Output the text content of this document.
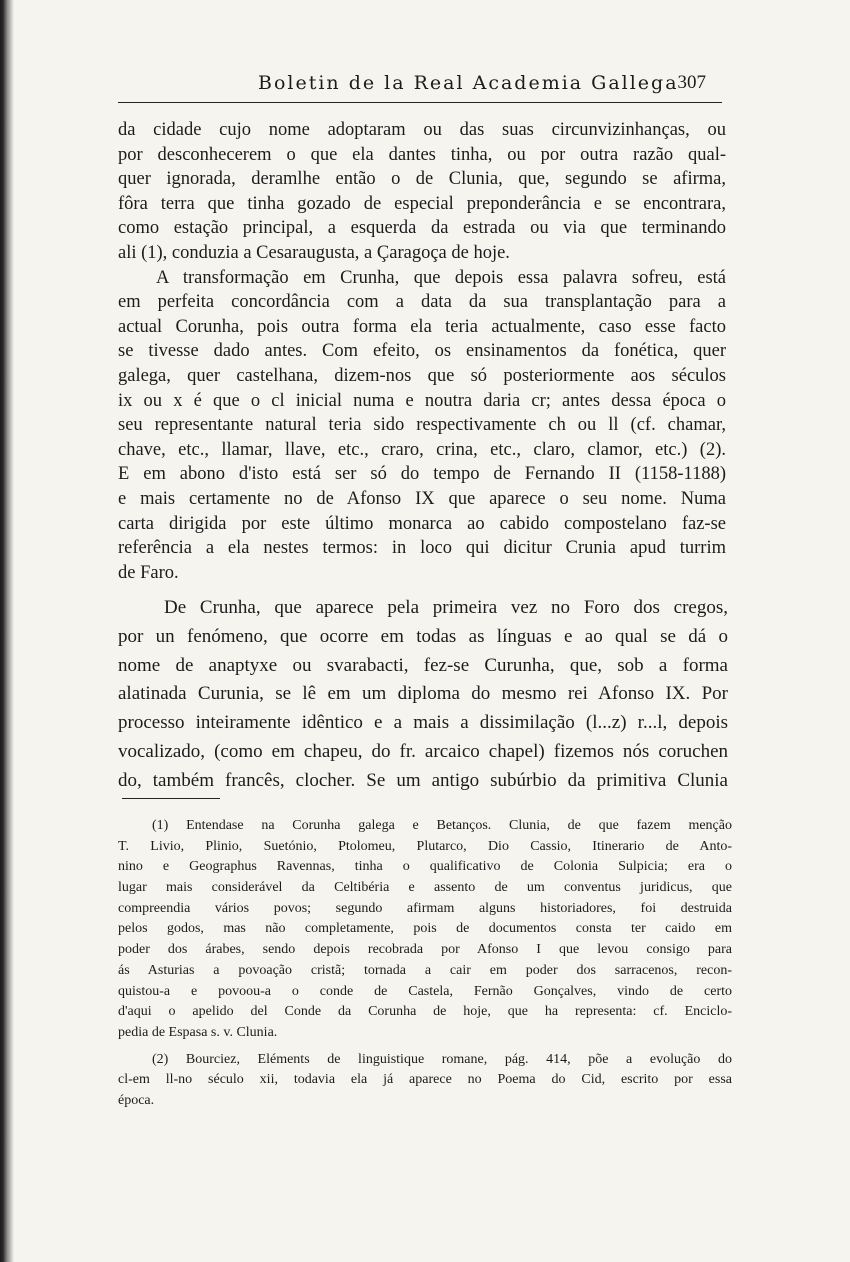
Boletin de la Real Academia Gallega
307
da cidade cujo nome adoptaram ou das suas circunvizinhanças, ou
por desconhecerem o que ela dantes tinha, ou por outra razão qual-
quer ignorada, deramlhe então o de Clunia, que, segundo se afirma,
fôra terra que tinha gozado de especial preponderância e se encontrara,
como estação principal, a esquerda da estrada ou via que terminando
ali (1), conduzia a Cesaraugusta, a Çaragoça de hoje.
A transformação em Crunha, que depois essa palavra sofreu, está
em perfeita concordância com a data da sua transplantação para a
actual Corunha, pois outra forma ela teria actualmente, caso esse facto
se tivesse dado antes. Com efeito, os ensinamentos da fonética, quer
galega, quer castelhana, dizem-nos que só posteriormente aos séculos
ix ou x é que o cl inicial numa e noutra daria cr; antes dessa época o
seu representante natural teria sido respectivamente ch ou ll (cf. chamar,
chave, etc., llamar, llave, etc., craro, crina, etc., claro, clamor, etc.) (2).
E em abono d'isto está ser só do tempo de Fernando II (1158-1188)
e mais certamente no de Afonso IX que aparece o seu nome. Numa
carta dirigida por este último monarca ao cabido compostelano faz-se
referência a ela nestes termos: in loco qui dicitur Crunia apud turrim
de Faro.
De Crunha, que aparece pela primeira vez no Foro dos cregos,
por un fenómeno, que ocorre em todas as línguas e ao qual se dá o
nome de anaptyxe ou svarabacti, fez-se Curunha, que, sob a forma
alatinada Curunia, se lê em um diploma do mesmo rei Afonso IX. Por
processo inteiramente idêntico e a mais a dissimilação (l...z) r...l, depois
vocalizado, (como em chapeu, do fr. arcaico chapel) fizemos nós coruchen
do, também francês, clocher. Se um antigo subúrbio da primitiva Clunia
(1) Entendase na Corunha galega e Betanços. Clunia, de que fazem menção
T. Livio, Plinio, Suetónio, Ptolomeu, Plutarco, Dio Cassio, Itinerario de Anto-
nino e Geographus Ravennas, tinha o qualificativo de Colonia Sulpicia; era o
lugar mais considerável da Celtibéria e assento de um conventus juridicus, que
compreendia vários povos; segundo afirmam alguns historiadores, foi destruida
pelos godos, mas não completamente, pois de documentos consta ter caido em
poder dos árabes, sendo depois recobrada por Afonso I que levou consigo para
ás Asturias a povoação cristã; tornada a cair em poder dos sarracenos, recon-
quistou-a e povoou-a o conde de Castela, Fernão Gonçalves, vindo de certo
d'aqui o apelido del Conde da Corunha de hoje, que ha representa: cf. Enciclo-
pedia de Espasa s. v. Clunia.
(2) Bourciez, Eléments de linguistique romane, pág. 414, põe a evolução do
cl-em ll-no século xii, todavia ela já aparece no Poema do Cid, escrito por essa
época.
